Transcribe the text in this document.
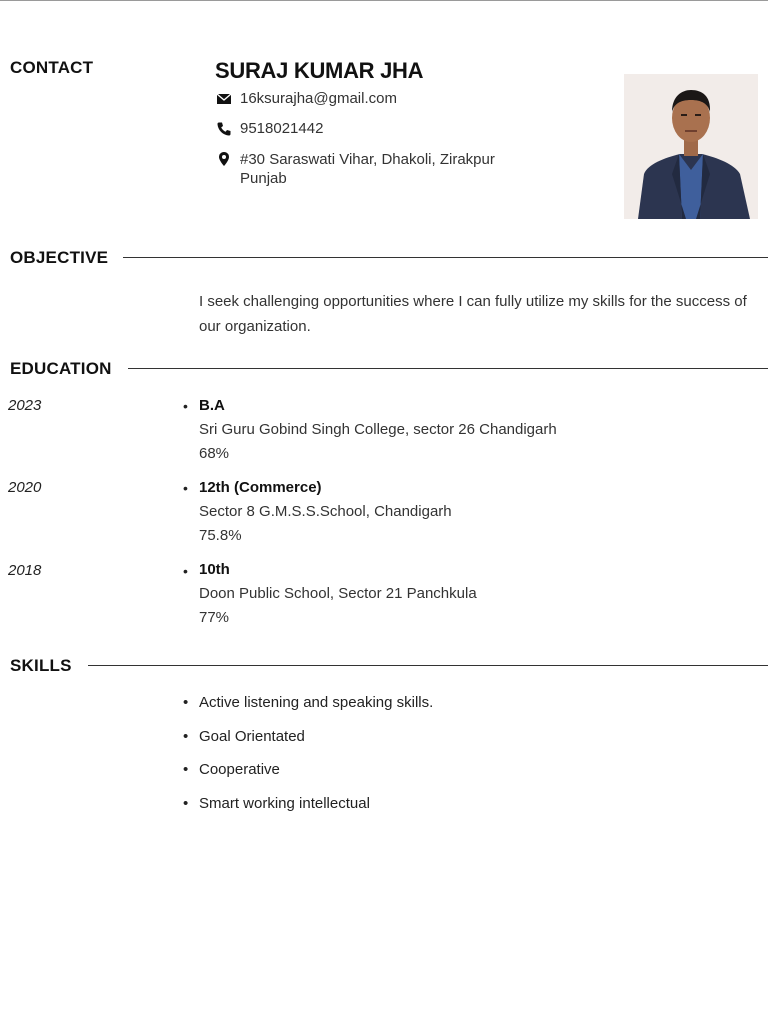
CONTACT	SURAJ KUMAR JHA
16ksurajha@gmail.com
9518021442
#30 Saraswati Vihar, Dhakoli, Zirakpur
Punjab
OBJECTIVE
I seek challenging opportunities where I can fully utilize my skills for the success of our organization.
EDUCATION
2023	• B.A
Sri Guru Gobind Singh College, sector 26 Chandigarh
68%
2020	• 12th (Commerce)
Sector 8 G.M.S.S.School, Chandigarh
75.8%
2018	• 10th
Doon Public School, Sector 21 Panchkula
77%
SKILLS
• Active listening and speaking skills.
• Goal Orientated
• Cooperative
• Smart working intellectual
